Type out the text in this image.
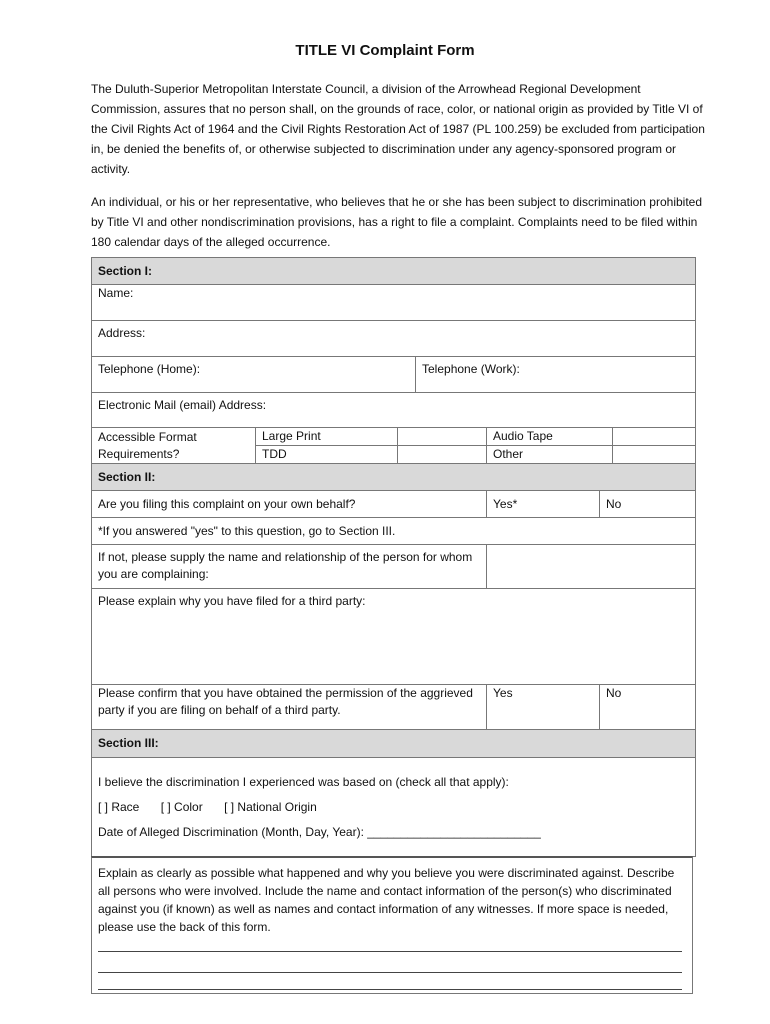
TITLE VI Complaint Form

The Duluth-Superior Metropolitan Interstate Council, a division of the Arrowhead Regional Development Commission, assures that no person shall, on the grounds of race, color, or national origin as provided by Title VI of the Civil Rights Act of 1964 and the Civil Rights Restoration Act of 1987 (PL 100.259) be excluded from participation in, be denied the benefits of, or otherwise subjected to discrimination under any agency-sponsored program or activity.

An individual, or his or her representative, who believes that he or she has been subject to discrimination prohibited by Title VI and other nondiscrimination provisions, has a right to file a complaint. Complaints need to be filed within 180 calendar days of the alleged occurrence.

Section I:						
Name:						
Address:						
Telephone (Home):			Telephone (Work):			
Electronic Mail (email) Address:						
Accessible Format Requirements?	Large Print			Audio Tape		
	TDD			Other		
Section II:						
Are you filing this complaint on your own behalf?				Yes*	No	
*If you answered "yes" to this question, go to Section III.						
If not, please supply the name and relationship of the person for whom you are complaining:						
Please explain why you have filed for a third party:						
Please confirm that you have obtained the permission of the aggrieved party if you are filing on behalf of a third party.				Yes	No	
Section III:						

I believe the discrimination I experienced was based on (check all that apply):
[ ] Race [ ] Color [ ] National Origin
Date of Alleged Discrimination (Month, Day, Year): __________________________						
Explain as clearly as possible what happened and why you believe you were discriminated against. Describe all persons who were involved. Include the name and contact information of the person(s) who discriminated against you (if known) as well as names and contact information of any witnesses. If more space is needed, please use the back of this form.
